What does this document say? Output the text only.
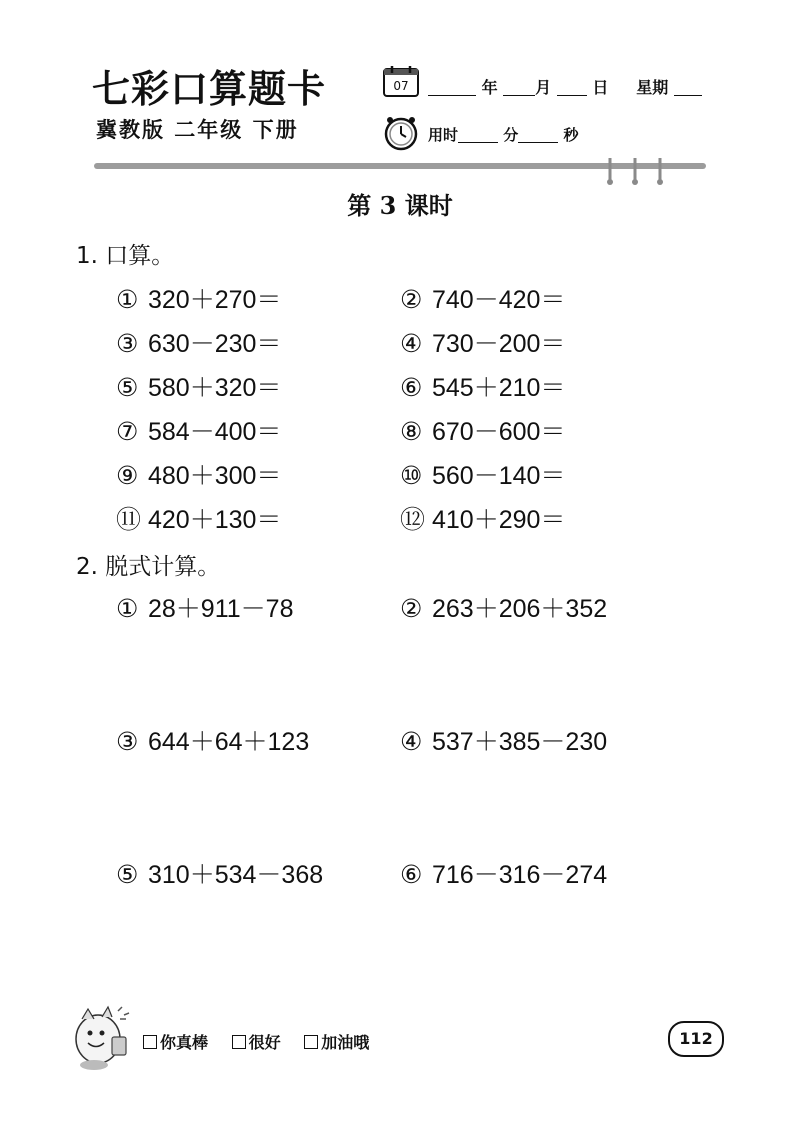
七彩口算题卡
冀教版 二年级 下册
07	年 月	日 星期
用时	分	秒
第 3 课时
1. 口算。
① 320＋270＝	② 740－420＝
③ 630－230＝	④ 730－200＝
⑤ 580＋320＝	⑥ 545＋210＝
⑦ 584－400＝	⑧ 670－600＝
⑨ 480＋300＝	⑩ 560－140＝
⑪ 420＋130＝	⑫ 410＋290＝
2. 脱式计算。
① 28＋911－78	② 263＋206＋352
③ 644＋64＋123	④ 537＋385－230
⑤ 310＋534－368	⑥ 716－316－274
你真棒	很好	加油哦	112
